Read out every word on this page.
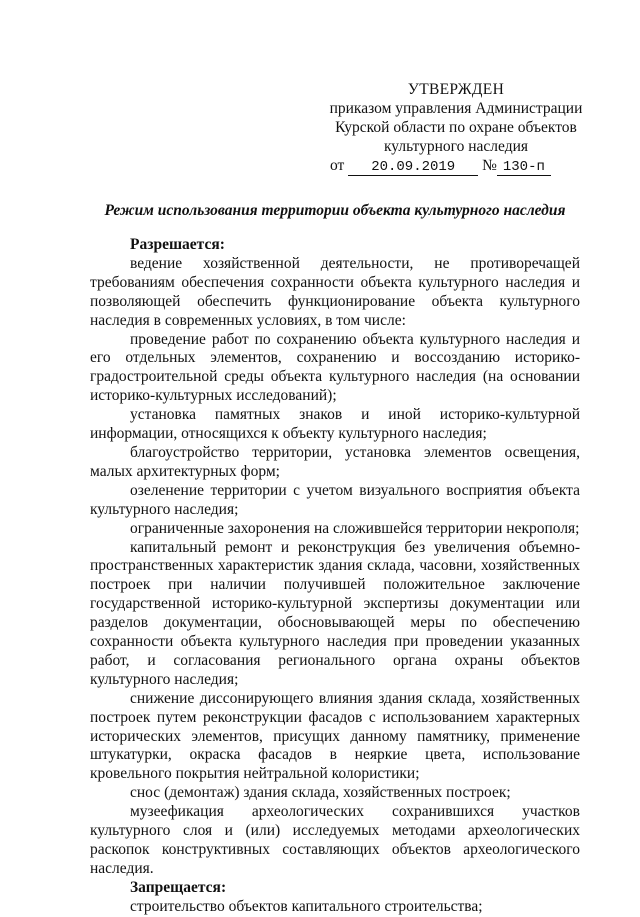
УТВЕРЖДЕН
приказом управления Администрации
Курской области по охране объектов
культурного наследия
от 20.09.2019 № 130-п
Режим использования территории объекта культурного наследия

Разрешается:

ведение хозяйственной деятельности, не противоречащей требованиям обеспечения сохранности объекта культурного наследия и позволяющей обеспечить функционирование объекта культурного наследия в современных условиях, в том числе:

проведение работ по сохранению объекта культурного наследия и его отдельных элементов, сохранению и воссозданию историко-градостроительной среды объекта культурного наследия (на основании историко-культурных исследований);

установка памятных знаков и иной историко-культурной информации, относящихся к объекту культурного наследия;

благоустройство территории, установка элементов освещения, малых архитектурных форм;

озеленение территории с учетом визуального восприятия объекта культурного наследия;

ограниченные захоронения на сложившейся территории некрополя;

капитальный ремонт и реконструкция без увеличения объемно-пространственных характеристик здания склада, часовни, хозяйственных построек при наличии получившей положительное заключение государственной историко-культурной экспертизы документации или разделов документации, обосновывающей меры по обеспечению сохранности объекта культурного наследия при проведении указанных работ, и согласования регионального органа охраны объектов культурного наследия;

снижение диссонирующего влияния здания склада, хозяйственных построек путем реконструкции фасадов с использованием характерных исторических элементов, присущих данному памятнику, применение штукатурки, окраска фасадов в неяркие цвета, использование кровельного покрытия нейтральной колористики;

снос (демонтаж) здания склада, хозяйственных построек;

музеефикация археологических сохранившихся участков культурного слоя и (или) исследуемых методами археологических раскопок конструктивных составляющих объектов археологического наследия.

Запрещается:

строительство объектов капитального строительства;
